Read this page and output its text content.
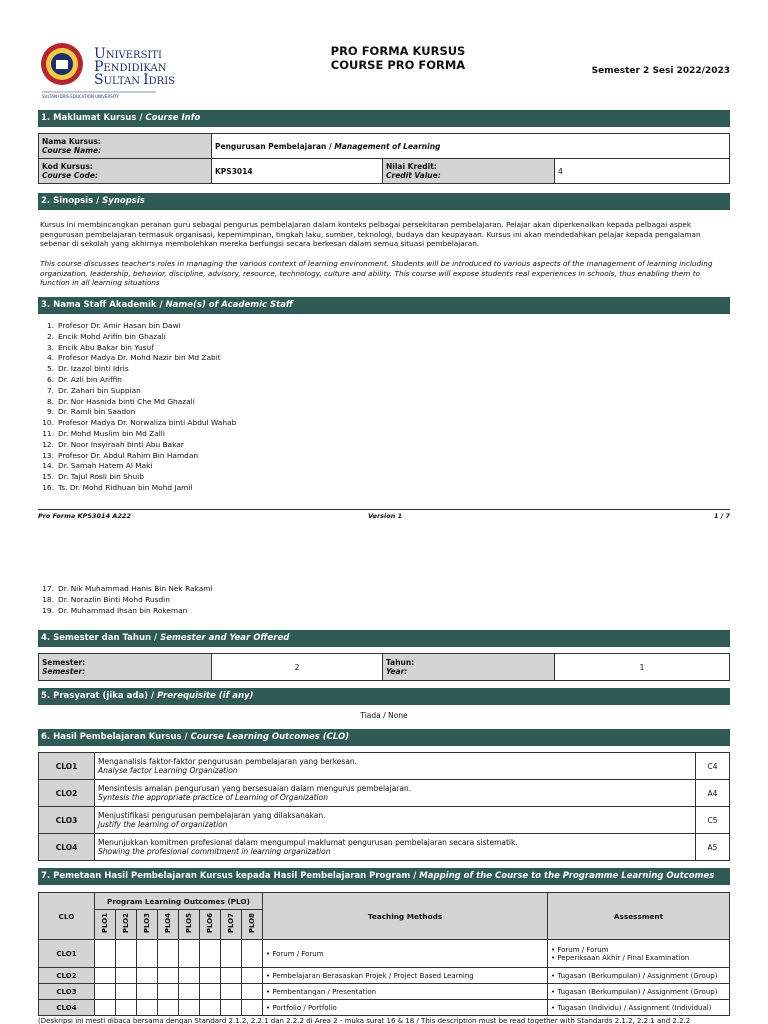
UNIVERSITI
PENDIDIKAN
SULTAN IDRIS
SULTAN IDRIS EDUCATION UNIVERSITY
PRO FORMA KURSUS
COURSE PRO FORMA	Semester 2 Sesi 2022/2023
1. Maklumat Kursus / Course Info
Nama Kursus:
Course Name:	Pengurusan Pembelajaran / Management of Learning		

Kod Kursus:
Course Code:	KPS3014	Nilai Kredit:
Credit Value:	4
2. Sinopsis / Synopsis
Kursus ini membincangkan peranan guru sebagai pengurus pembelajaran dalam konteks pelbagai persekitaran pembelajaran. Pelajar akan diperkenalkan kepada pelbagai aspek pengurusan pembelajaran termasuk organisasi, kepemimpinan, tingkah laku, sumber, teknologi, budaya dan keupayaan. Kursus ini akan mendedahkan pelajar kepada pengalaman sebenar di sekolah yang akhirnya membolehkan mereka berfungsi secara berkesan dalam semua situasi pembelajaran.
This course discusses teacher's roles in managing the various context of learning environment. Students will be introduced to various aspects of the management of learning including organization, leadership, behavior, discipline, advisory, resource, technology, culture and ability. This course will expose students real experiences in schools, thus enabling them to function in all learning situations
3. Nama Staff Akademik / Name(s) of Academic Staff
1. Profesor Dr. Amir Hasan bin Dawi
2. Encik Mohd Arifin bin Ghazali
3. Encik Abu Bakar bin Yusuf
4. Profesor Madya Dr. Mohd Nazir bin Md Zabit
5. Dr. Izazol binti Idris
6. Dr. Azli bin Ariffin
7. Dr. Zahari bin Suppian
8. Dr. Nor Hasnida binti Che Md Ghazali
9. Dr. Ramli bin Saadon
10. Profesor Madya Dr. Norwaliza binti Abdul Wahab
11. Dr. Mohd Muslim bin Md Zalli
12. Dr. Noor Insyiraah binti Abu Bakar
13. Profesor Dr. Abdul Rahim Bin Hamdan
14. Dr. Samah Hatem Al Maki
15. Dr. Tajul Rosli bin Shuib
16. Ts. Dr. Mohd Ridhuan bin Mohd Jamil
Pro Forma KPS3014 A222	Version 1	1 / 7
17. Dr. Nik Muhammad Hanis Bin Nek Rakami
18. Dr. Norazlin Binti Mohd Rusdin
19. Dr. Muhammad Ihsan bin Rokeman
4. Semester dan Tahun / Semester and Year Offered
Semester:
Semester:	2	Tahun:
Year:	1
5. Prasyarat (jika ada) / Prerequisite (if any)
Tiada / None
6. Hasil Pembelajaran Kursus / Course Learning Outcomes (CLO)
CLO1	Menganalisis faktor-faktor pengurusan pembelajaran yang berkesan.
Analyse factor Learning Organization	C4
CLO2	Mensintesis amalan pengurusan yang bersesuaian dalam mengurus pembelajaran.
Syntesis the appropriate practice of Learning of Organization	A4
CLO3	Menjustifikasi pengurusan pembelajaran yang dilaksanakan.
Justify the learning of organization	C5
CLO4	Menunjukkan komitmen profesional dalam mengumpul maklumat pengurusan pembelajaran secara sistematik.
Showing the profesional commitment in learning organization	A5
7. Pemetaan Hasil Pembelajaran Kursus kepada Hasil Pembelajaran Program / Mapping of the Course to the Programme Learning Outcomes
CLO	Program Learning Outcomes (PLO)								Teaching Methods	Assessment
	PLO1	PLO2	PLO3	PLO4	PLO5	PLO6	PLO7	PLO8		
CLO1									• Forum / Forum	• Forum / Forum
• Peperiksaan Akhir / Final Examination

CLO2									• Pembelajaran Berasaskan Projek / Project Based Learning	• Tugasan (Berkumpulan) / Assignment (Group)

CLO3									• Pembentangan / Presentation	• Tugasan (Berkumpulan) / Assignment (Group)

CLO4									• Portfolio / Portfolio	• Tugasan (Individu) / Assignment (Individual)
(Deskripsi ini mesti dibaca bersama dengan Standard 2.1.2, 2.2.1 dan 2.2.2 di Area 2 - muka surat 16 & 18 / This description must be read together with Standards 2.1.2, 2.2.1 and 2.2.2
